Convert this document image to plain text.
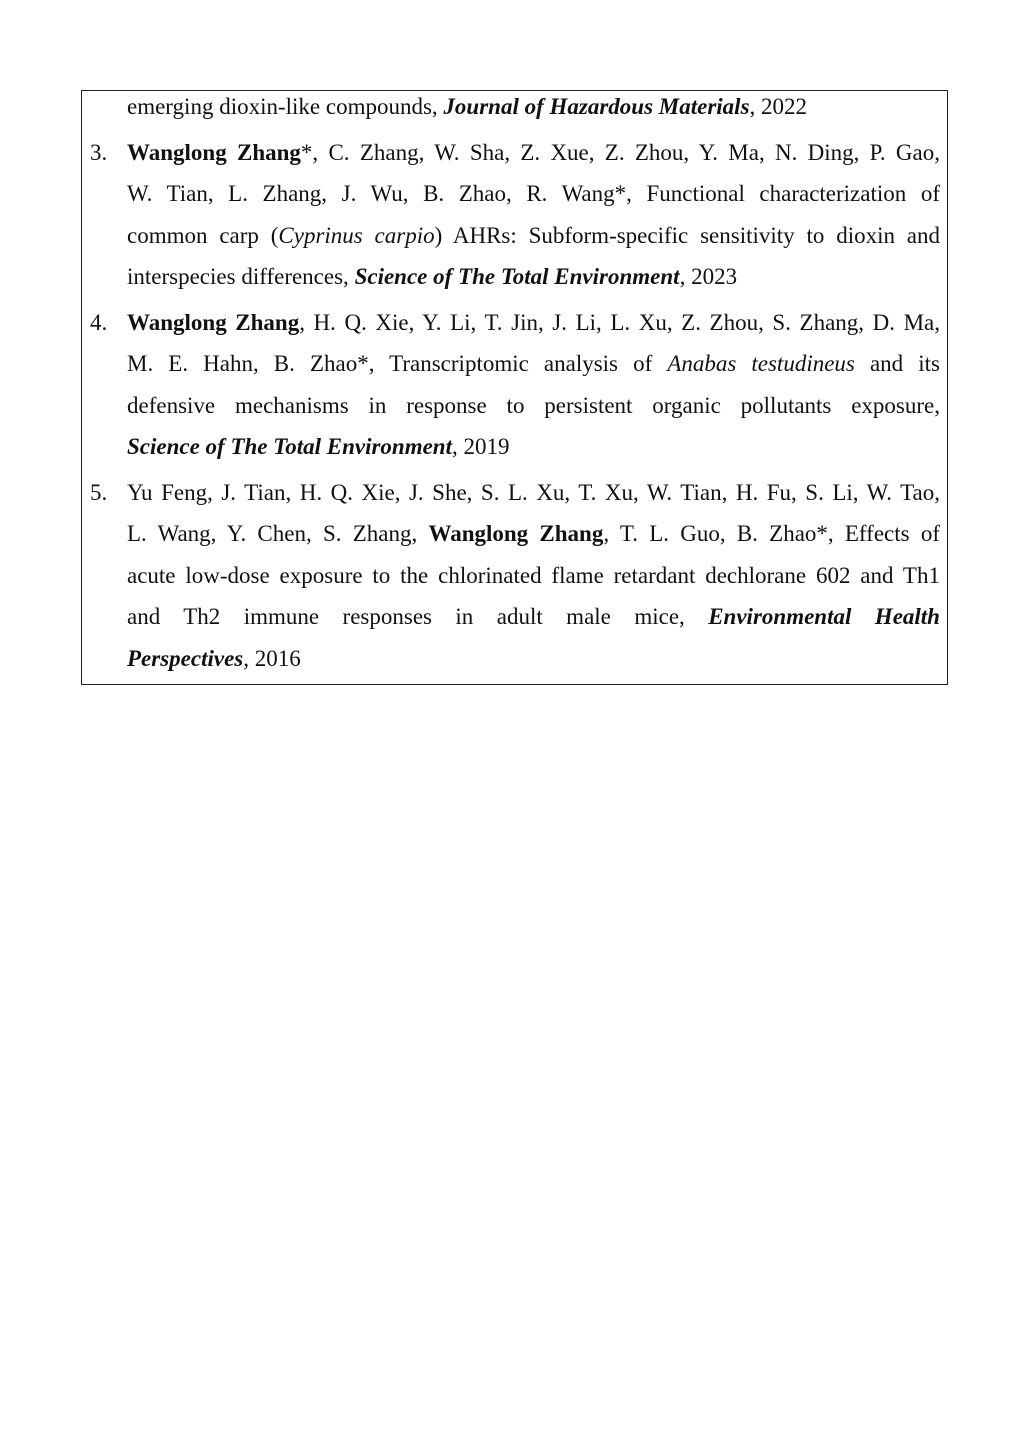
emerging dioxin-like compounds, Journal of Hazardous Materials, 2022
3. Wanglong Zhang*, C. Zhang, W. Sha, Z. Xue, Z. Zhou, Y. Ma, N. Ding, P. Gao,
W. Tian, L. Zhang, J. Wu, B. Zhao, R. Wang*, Functional characterization of
common carp (Cyprinus carpio) AHRs: Subform-specific sensitivity to dioxin and
interspecies differences, Science of The Total Environment, 2023
4. Wanglong Zhang, H. Q. Xie, Y. Li, T. Jin, J. Li, L. Xu, Z. Zhou, S. Zhang, D. Ma,
M. E. Hahn, B. Zhao*, Transcriptomic analysis of Anabas testudineus and its
defensive mechanisms in response to persistent organic pollutants exposure,
Science of The Total Environment, 2019
5. Yu Feng, J. Tian, H. Q. Xie, J. She, S. L. Xu, T. Xu, W. Tian, H. Fu, S. Li, W. Tao,
L. Wang, Y. Chen, S. Zhang, Wanglong Zhang, T. L. Guo, B. Zhao*, Effects of
acute low-dose exposure to the chlorinated flame retardant dechlorane 602 and Th1
and Th2 immune responses in adult male mice, Environmental Health
Perspectives, 2016
